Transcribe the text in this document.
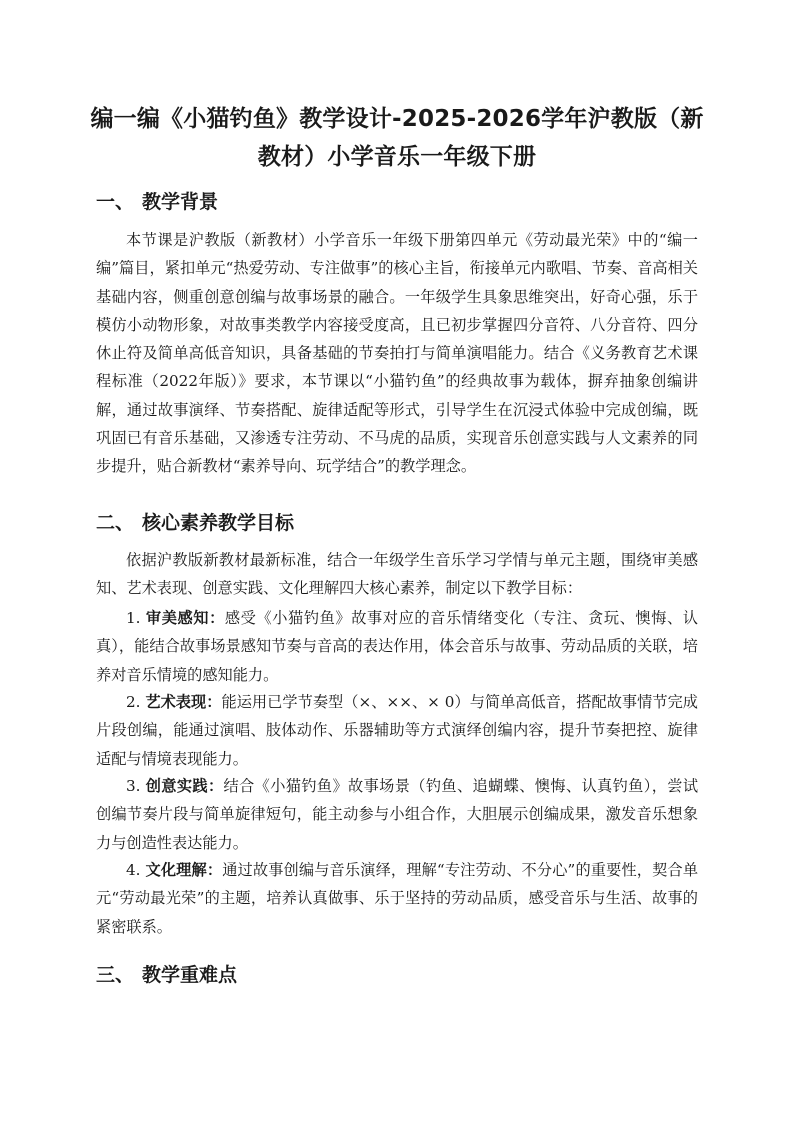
编一编《小猫钓鱼》教学设计-2025-2026学年沪教版（新教材）小学音乐一年级下册
一、 教学背景
本节课是沪教版（新教材）小学音乐一年级下册第四单元《劳动最光荣》中的“编一编”篇目，紧扣单元“热爱劳动、专注做事”的核心主旨，衔接单元内歌唱、节奏、音高相关基础内容，侧重创意创编与故事场景的融合。一年级学生具象思维突出，好奇心强，乐于模仿小动物形象，对故事类教学内容接受度高，且已初步掌握四分音符、八分音符、四分休止符及简单高低音知识，具备基础的节奏拍打与简单演唱能力。结合《义务教育艺术课程标准（2022年版）》要求，本节课以“小猫钓鱼”的经典故事为载体，摒弃抽象创编讲解，通过故事演绎、节奏搭配、旋律适配等形式，引导学生在沉浸式体验中完成创编，既巩固已有音乐基础，又渗透专注劳动、不马虎的品质，实现音乐创意实践与人文素养的同步提升，贴合新教材“素养导向、玩学结合”的教学理念。
二、 核心素养教学目标
依据沪教版新教材最新标准，结合一年级学生音乐学习学情与单元主题，围绕审美感知、艺术表现、创意实践、文化理解四大核心素养，制定以下教学目标：
1. 审美感知：感受《小猫钓鱼》故事对应的音乐情绪变化（专注、贪玩、懊悔、认真），能结合故事场景感知节奏与音高的表达作用，体会音乐与故事、劳动品质的关联，培养对音乐情境的感知能力。
2. 艺术表现：能运用已学节奏型（×、××、× 0）与简单高低音，搭配故事情节完成片段创编，能通过演唱、肢体动作、乐器辅助等方式演绎创编内容，提升节奏把控、旋律适配与情境表现能力。
3. 创意实践：结合《小猫钓鱼》故事场景（钓鱼、追蝴蝶、懊悔、认真钓鱼），尝试创编节奏片段与简单旋律短句，能主动参与小组合作，大胆展示创编成果，激发音乐想象力与创造性表达能力。
4. 文化理解：通过故事创编与音乐演绎，理解“专注劳动、不分心”的重要性，契合单元“劳动最光荣”的主题，培养认真做事、乐于坚持的劳动品质，感受音乐与生活、故事的紧密联系。
三、 教学重难点
